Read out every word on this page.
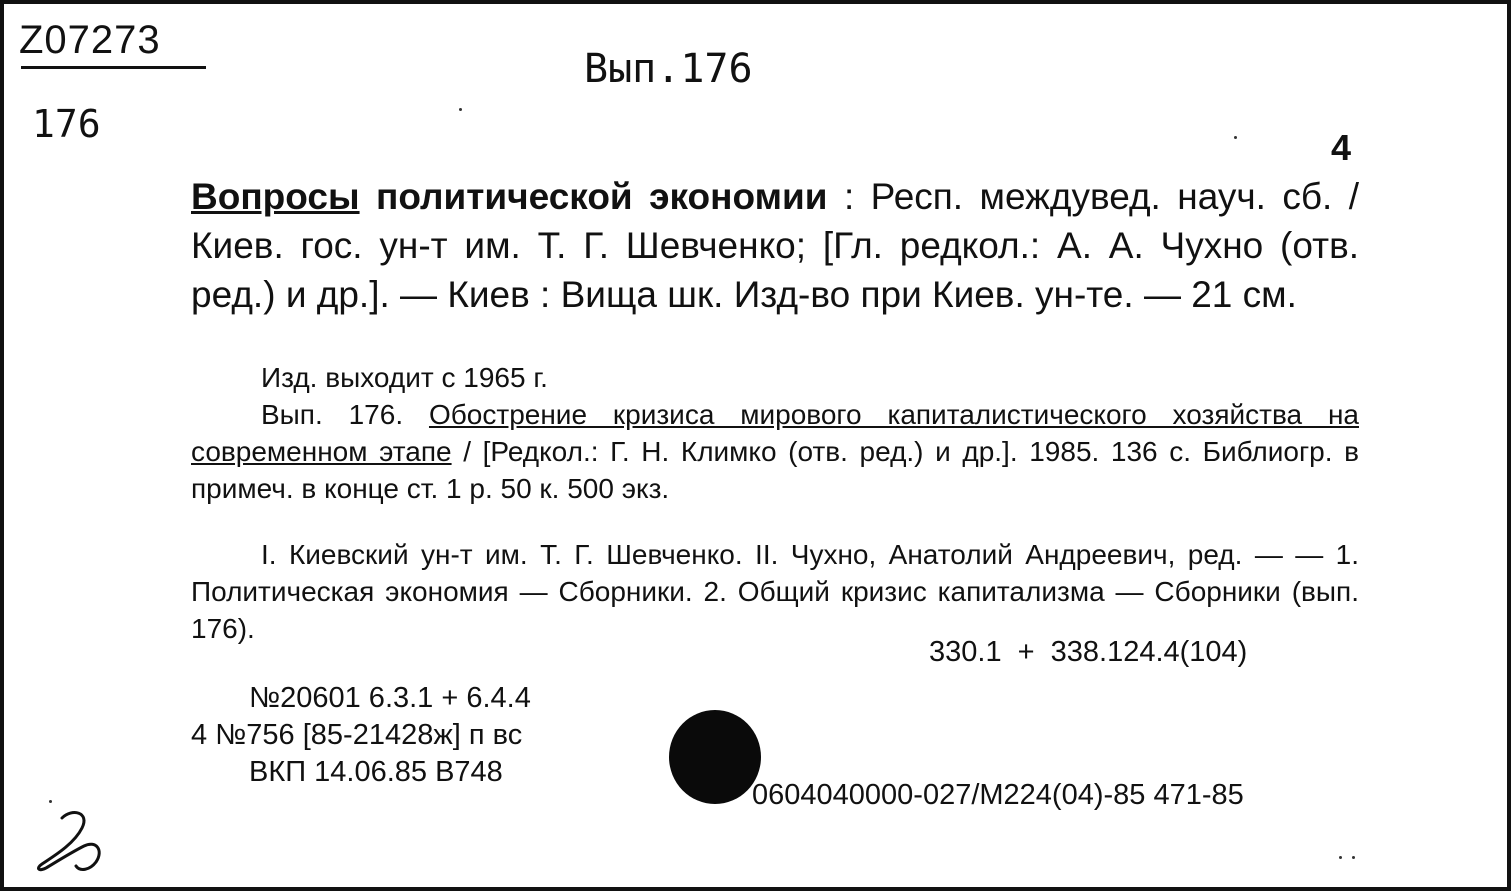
Z07273
176
Вып.176
4
Вопросы политической экономии : Респ. междувед. науч. сб. / Киев. гос. ун-т им. Т. Г. Шевченко; [Гл. редкол.: А. А. Чухно (отв. ред.) и др.]. — Киев : Вища шк. Изд-во при Киев. ун-те. — 21 см.
Изд. выходит с 1965 г.
Вып. 176. Обострение кризиса мирового капиталистического хозяйства на современном этапе / [Редкол.: Г. Н. Климко (отв. ред.) и др.]. 1985. 136 с. Библиогр. в примеч. в конце ст. 1 р. 50 к. 500 экз.
I. Киевский ун-т им. Т. Г. Шевченко. II. Чухно, Анатолий Андреевич, ред. — — 1. Политическая экономия — Сборники. 2. Общий кризис капитализма — Сборники (вып. 176).
330.1 + 338.124.4(104)
№20601 6.3.1 + 6.4.4
4 №756 [85-21428ж] п вс
ВКП 14.06.85 В748
0604040000-027/М224(04)-85 471-85
